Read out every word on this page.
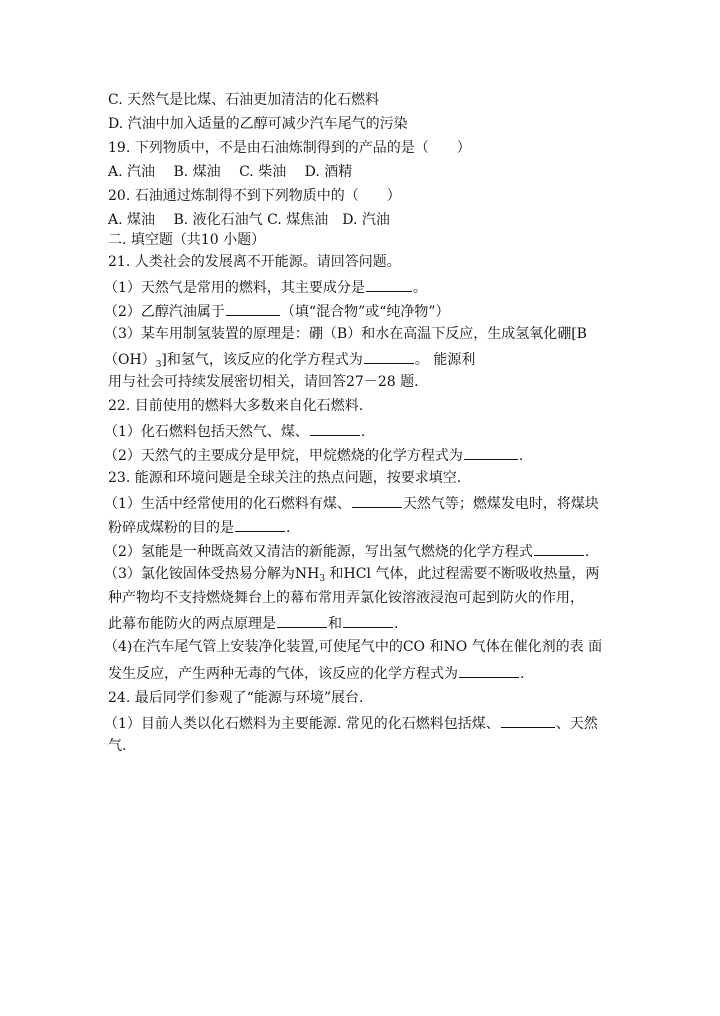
C. 天然气是比煤、石油更加清洁的化石燃料
D. 汽油中加入适量的乙醇可减少汽车尾气的污染
19. 下列物质中，不是由石油炼制得到的产品的是（　　）
A. 汽油　 B. 煤油　 C. 柴油　 D. 酒精
20. 石油通过炼制得不到下列物质中的（　　）
A. 煤油　 B. 液化石油气 C. 煤焦油　D. 汽油
二. 填空题（共10 小题）
21. 人类社会的发展离不开能源。请回答问题。
（1）天然气是常用的燃料，其主要成分是	。
（2）乙醇汽油属于	（填“混合物”或“纯净物”）
（3）某车用制氢装置的原理是：硼（B）和水在高温下反应，生成氢氧化硼[B
$(OH)_3$]和氢气，该反应的化学方程式为	。 能源利
用与社会可持续发展密切相关，请回答27－28 题.
22. 目前使用的燃料大多数来自化石燃料.
（1）化石燃料包括天然气、煤、	.
（2）天然气的主要成分是甲烷，甲烷燃烧的化学方程式为	.
23. 能源和环境问题是全球关注的热点问题，按要求填空.
（1）生活中经常使用的化石燃料有煤、	天然气等；燃煤发电时，将煤块
粉碎成煤粉的目的是	.
（2）氢能是一种既高效又清洁的新能源，写出氢气燃烧的化学方程式	.
（3）氯化铵固体受热易分解为$NH_3$ 和HCl 气体，此过程需要不断吸收热量，两
种产物均不支持燃烧舞台上的幕布常用弄氯化铵溶液浸泡可起到防火的作用，
此幕布能防火的两点原理是	和	.
（4)在汽车尾气管上安装净化装置,可使尾气中的CO 和NO 气体在催化剂的表 面
发生反应，产生两种无毒的气体，该反应的化学方程式为	.
24. 最后同学们参观了“能源与环境”展台.
（1）目前人类以化石燃料为主要能源. 常见的化石燃料包括煤、	、天然
气.
